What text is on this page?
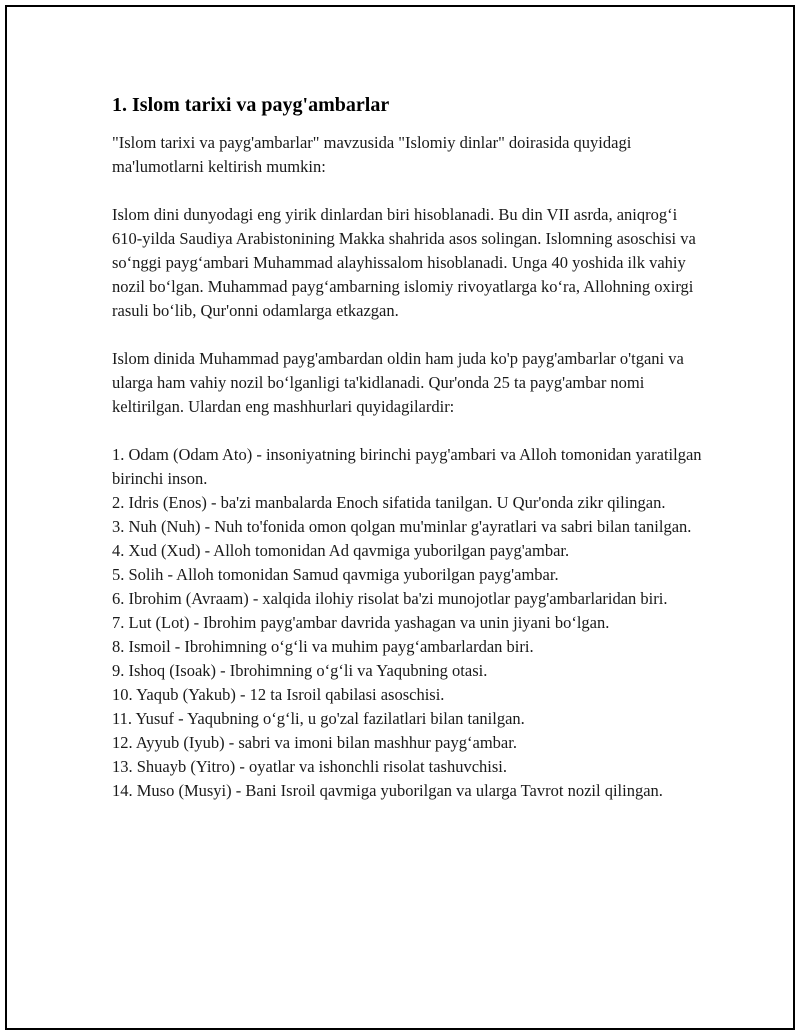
1. Islom tarixi va payg'ambarlar

"Islom tarixi va payg'ambarlar" mavzusida "Islomiy dinlar" doirasida quyidagi ma'lumotlarni keltirish mumkin:

Islom dini dunyodagi eng yirik dinlardan biri hisoblanadi. Bu din VII asrda, aniqrog‘i 610-yilda Saudiya Arabistonining Makka shahrida asos solingan. Islomning asoschisi va so‘nggi payg‘ambari Muhammad alayhissalom hisoblanadi. Unga 40 yoshida ilk vahiy nozil bo‘lgan. Muhammad payg‘ambarning islomiy rivoyatlarga ko‘ra, Allohning oxirgi rasuli bo‘lib, Qur'onni odamlarga etkazgan.

Islom dinida Muhammad payg'ambardan oldin ham juda ko'p payg'ambarlar o'tgani va ularga ham vahiy nozil bo‘lganligi ta'kidlanadi. Qur'onda 25 ta payg'ambar nomi keltirilgan. Ulardan eng mashhurlari quyidagilardir:

1. Odam (Odam Ato) - insoniyatning birinchi payg'ambari va Alloh tomonidan yaratilgan birinchi inson.
2. Idris (Enos) - ba'zi manbalarda Enoch sifatida tanilgan. U Qur'onda zikr qilingan.
3. Nuh (Nuh) - Nuh to'fonida omon qolgan mu'minlar g'ayratlari va sabri bilan tanilgan.
4. Xud (Xud) - Alloh tomonidan Ad qavmiga yuborilgan payg'ambar.
5. Solih - Alloh tomonidan Samud qavmiga yuborilgan payg'ambar.
6. Ibrohim (Avraam) - xalqida ilohiy risolat ba'zi munojotlar payg'ambarlaridan biri.
7. Lut (Lot) - Ibrohim payg'ambar davrida yashagan va unin jiyani bo‘lgan.
8. Ismoil - Ibrohimning o‘g‘li va muhim payg‘ambarlardan biri.
9. Ishoq (Isoak) - Ibrohimning o‘g‘li va Yaqubning otasi.
10. Yaqub (Yakub) - 12 ta Isroil qabilasi asoschisi.
11. Yusuf - Yaqubning o‘g‘li, u go'zal fazilatlari bilan tanilgan.
12. Ayyub (Iyub) - sabri va imoni bilan mashhur payg‘ambar.
13. Shuayb (Yitro) - oyatlar va ishonchli risolat tashuvchisi.
14. Muso (Musyi) - Bani Isroil qavmiga yuborilgan va ularga Tavrot nozil qilingan.
